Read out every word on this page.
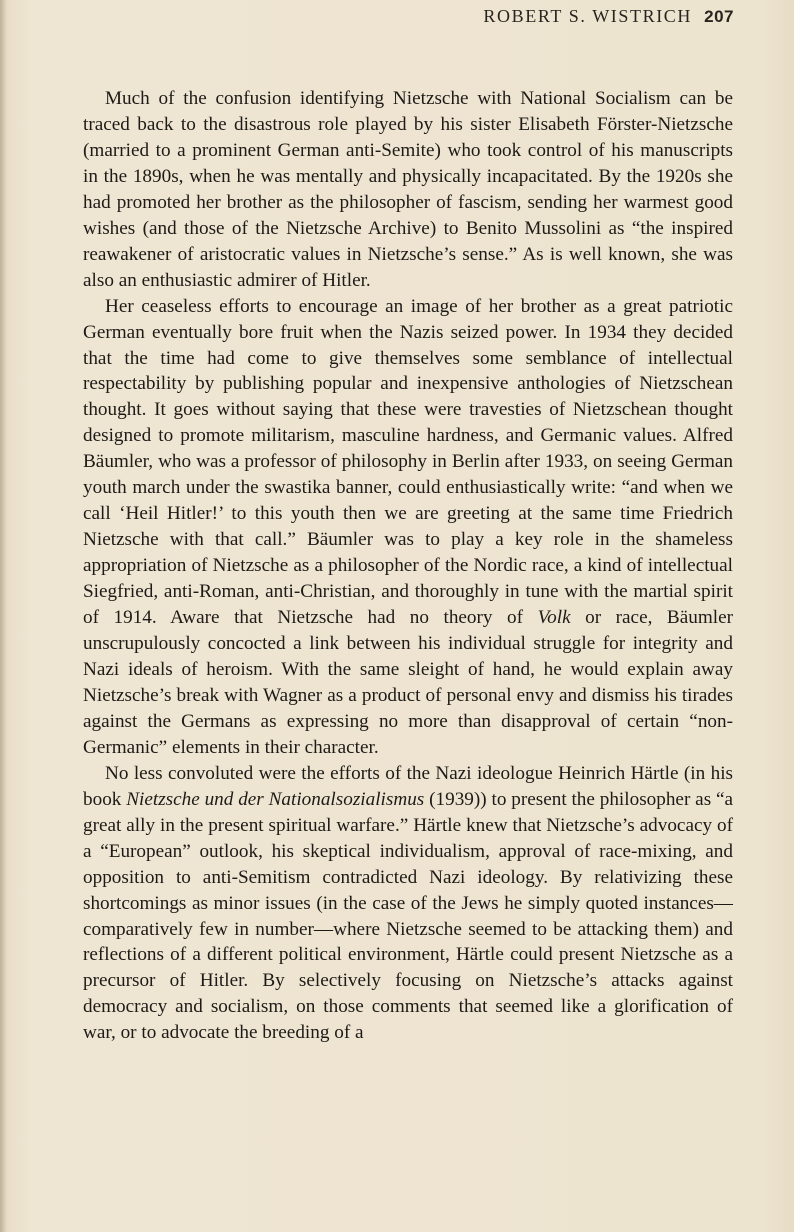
ROBERT S. WISTRICH 207

Much of the confusion identifying Nietzsche with National Socialism can be traced back to the disastrous role played by his sister Elisabeth Förster-Nietzsche (married to a prominent German anti-Semite) who took control of his manuscripts in the 1890s, when he was mentally and physically incapacitated. By the 1920s she had promoted her brother as the philosopher of fascism, sending her warmest good wishes (and those of the Nietzsche Archive) to Benito Mussolini as “the inspired reawakener of aristocratic values in Nietzsche’s sense.” As is well known, she was also an enthusiastic admirer of Hitler.

Her ceaseless efforts to encourage an image of her brother as a great patriotic German eventually bore fruit when the Nazis seized power. In 1934 they decided that the time had come to give themselves some semblance of intellectual respectability by publishing popular and inexpensive anthologies of Nietzschean thought. It goes without saying that these were travesties of Nietzschean thought designed to promote militarism, masculine hardness, and Germanic values. Alfred Bäumler, who was a professor of philosophy in Berlin after 1933, on seeing German youth march under the swastika banner, could enthusiastically write: “and when we call ‘Heil Hitler!’ to this youth then we are greeting at the same time Friedrich Nietzsche with that call.” Bäumler was to play a key role in the shameless appropriation of Nietzsche as a philosopher of the Nordic race, a kind of intellectual Siegfried, anti-Roman, anti-Christian, and thoroughly in tune with the martial spirit of 1914. Aware that Nietzsche had no theory of Volk or race, Bäumler unscrupulously concocted a link between his individual struggle for integrity and Nazi ideals of heroism. With the same sleight of hand, he would explain away Nietzsche’s break with Wagner as a product of personal envy and dismiss his tirades against the Germans as expressing no more than disapproval of certain “non-Germanic” elements in their character.

No less convoluted were the efforts of the Nazi ideologue Heinrich Härtle (in his book Nietzsche und der Nationalsozialismus (1939)) to present the philosopher as “a great ally in the present spiritual warfare.” Härtle knew that Nietzsche’s advocacy of a “European” outlook, his skeptical individualism, approval of race-mixing, and opposition to anti-Semitism contradicted Nazi ideology. By relativizing these shortcomings as minor issues (in the case of the Jews he simply quoted instances—comparatively few in number—where Nietzsche seemed to be attacking them) and reflections of a different political environment, Härtle could present Nietzsche as a precursor of Hitler. By selectively focusing on Nietzsche’s attacks against democracy and socialism, on those comments that seemed like a glorification of war, or to advocate the breeding of a
